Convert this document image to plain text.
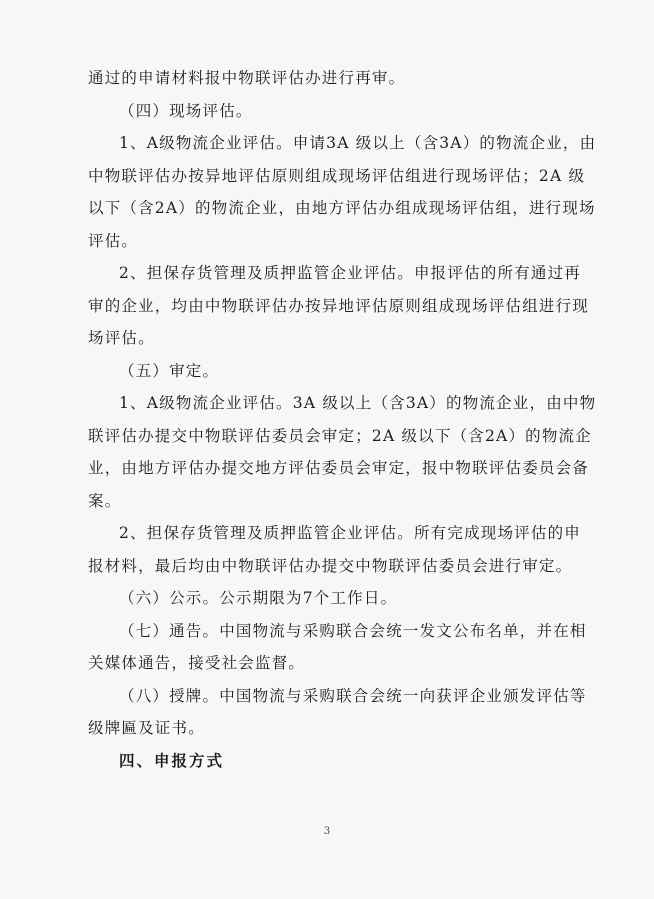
通过的申请材料报中物联评估办进行再审。
（四）现场评估。
1、A级物流企业评估。申请3A 级以上（含3A）的物流企业，由
中物联评估办按异地评估原则组成现场评估组进行现场评估；2A 级
以下（含2A）的物流企业，由地方评估办组成现场评估组，进行现场
评估。
2、担保存货管理及质押监管企业评估。申报评估的所有通过再
审的企业，均由中物联评估办按异地评估原则组成现场评估组进行现
场评估。
（五）审定。
1、A级物流企业评估。3A 级以上（含3A）的物流企业，由中物
联评估办提交中物联评估委员会审定；2A 级以下（含2A）的物流企
业，由地方评估办提交地方评估委员会审定，报中物联评估委员会备
案。
2、担保存货管理及质押监管企业评估。所有完成现场评估的申
报材料，最后均由中物联评估办提交中物联评估委员会进行审定。
（六）公示。公示期限为7个工作日。
（七）通告。中国物流与采购联合会统一发文公布名单，并在相
关媒体通告，接受社会监督。
（八）授牌。中国物流与采购联合会统一向获评企业颁发评估等
级牌匾及证书。
四、申报方式
3
